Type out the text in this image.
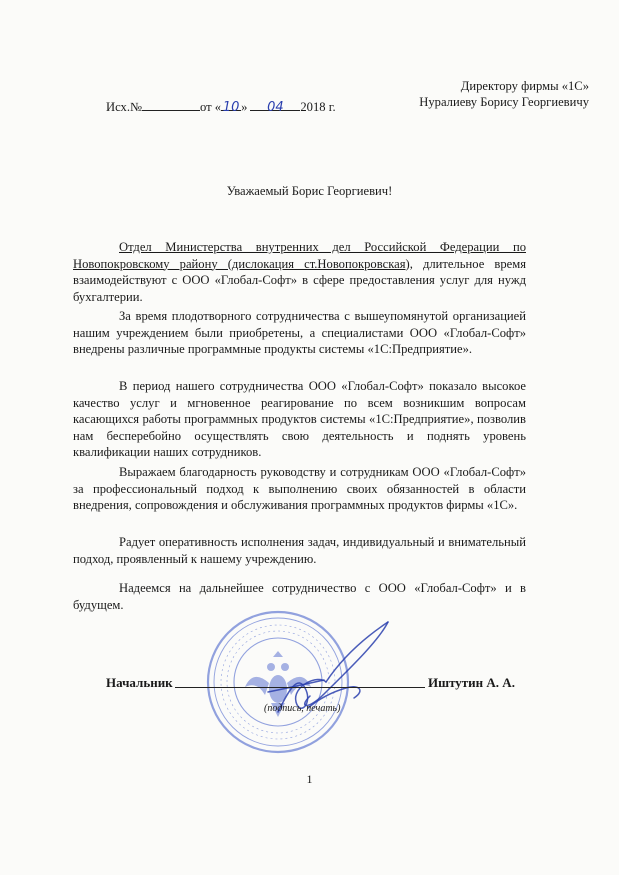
Директору фирмы «1С»
Нуралиеву Борису Георгиевичу
Исх.№	от « 10 » 04 2018 г.
Уважаемый Борис Георгиевич!
Отдел Министерства внутренних дел Российской Федерации по Новопокровскому району (дислокация ст.Новопокровская), длительное время взаимодействуют с ООО «Глобал-Софт» в сфере предоставления услуг для нужд бухгалтерии.
За время плодотворного сотрудничества с вышеупомянутой организацией нашим учреждением были приобретены, а специалистами ООО «Глобал-Софт» внедрены различные программные продукты системы «1С:Предприятие».
В период нашего сотрудничества ООО «Глобал-Софт» показало высокое качество услуг и мгновенное реагирование по всем возникшим вопросам касающихся работы программных продуктов системы «1С:Предприятие», позволив нам бесперебойно осуществлять свою деятельность и поднять уровень квалификации наших сотрудников.
Выражаем благодарность руководству и сотрудникам ООО «Глобал-Софт» за профессиональный подход к выполнению своих обязанностей в области внедрения, сопровождения и обслуживания программных продуктов фирмы «1С».
Радует оперативность исполнения задач, индивидуальный и внимательный подход, проявленный к нашему учреждению.
Надеемся на дальнейшее сотрудничество с ООО «Глобал-Софт» и в будущем.
Начальник	Иштутин А. А.
(подпись, печать)
1
